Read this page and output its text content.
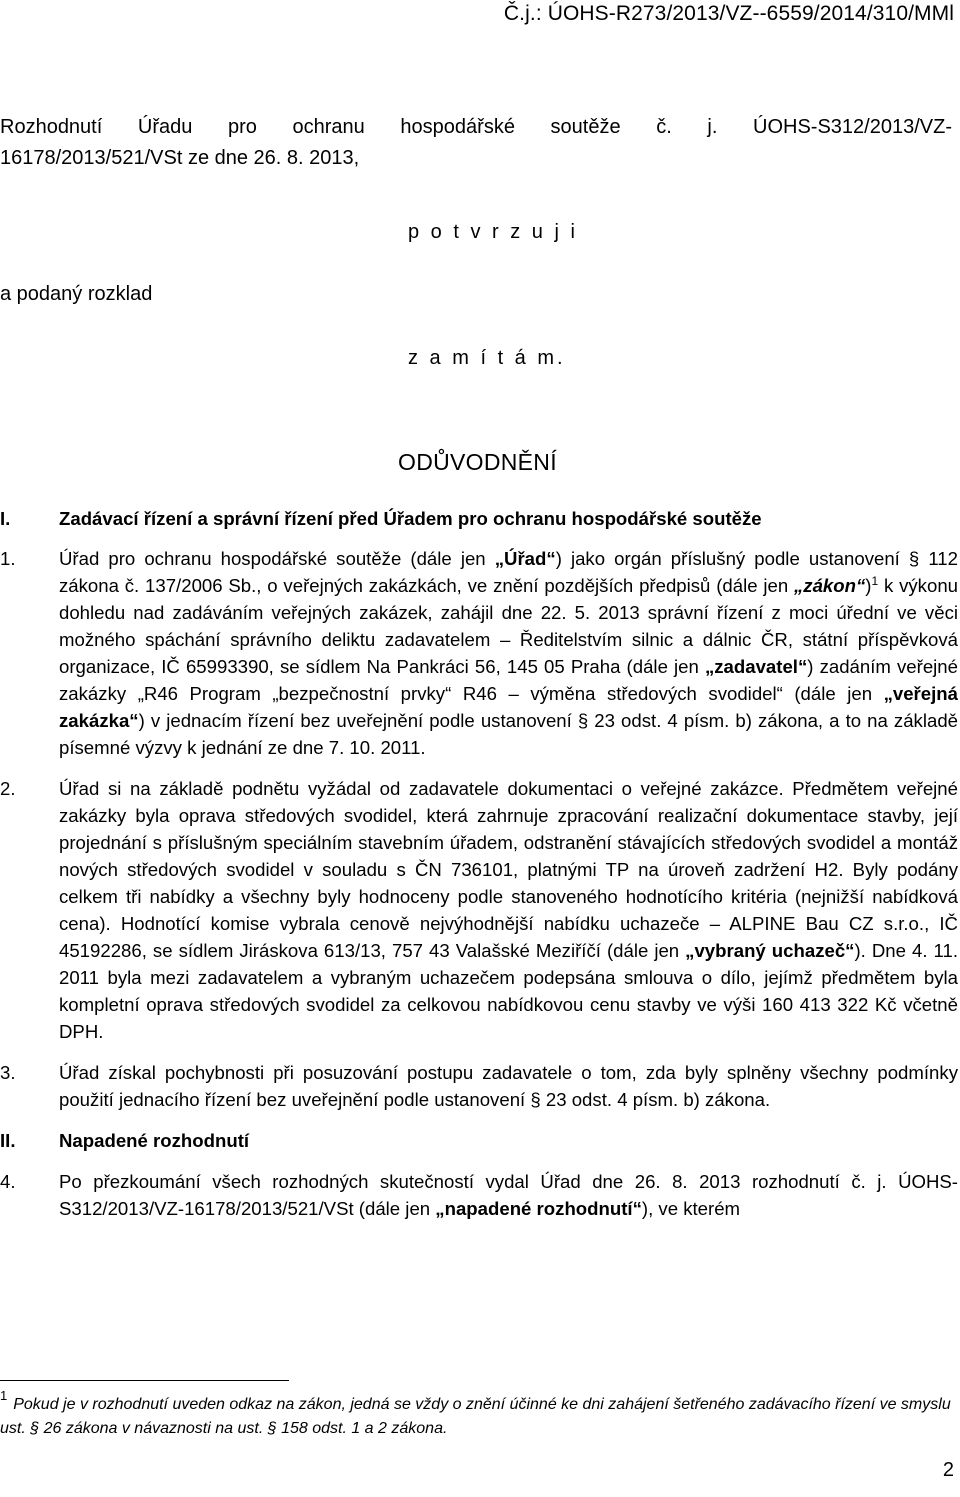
Č.j.: ÚOHS-R273/2013/VZ--6559/2014/310/MMl
Rozhodnutí Úřadu pro ochranu hospodářské soutěže č. j. ÚOHS-S312/2013/VZ-
16178/2013/521/VSt ze dne 26. 8. 2013,
p o t v r z u j i
a podaný rozklad
z a m í t á m.
ODŮVODNĚNÍ
I.	Zadávací řízení a správní řízení před Úřadem pro ochranu hospodářské soutěže
1.	Úřad pro ochranu hospodářské soutěže (dále jen „Úřad“) jako orgán příslušný podle ustanovení § 112 zákona č. 137/2006 Sb., o veřejných zakázkách, ve znění pozdějších předpisů (dále jen „zákon“)$^1$ k výkonu dohledu nad zadáváním veřejných zakázek, zahájil dne 22. 5. 2013 správní řízení z moci úřední ve věci možného spáchání správního deliktu zadavatelem – Ředitelstvím silnic a dálnic ČR, státní příspěvková organizace, IČ 65993390, se sídlem Na Pankráci 56, 145 05 Praha (dále jen „zadavatel“) zadáním veřejné zakázky „R46 Program „bezpečnostní prvky“ R46 – výměna středových svodidel“ (dále jen „veřejná zakázka“) v jednacím řízení bez uveřejnění podle ustanovení § 23 odst. 4 písm. b) zákona, a to na základě písemné výzvy k jednání ze dne 7. 10. 2011.
2.	Úřad si na základě podnětu vyžádal od zadavatele dokumentaci o veřejné zakázce. Předmětem veřejné zakázky byla oprava středových svodidel, která zahrnuje zpracování realizační dokumentace stavby, její projednání s příslušným speciálním stavebním úřadem, odstranění stávajících středových svodidel a montáž nových středových svodidel v souladu s ČN 736101, platnými TP na úroveň zadržení H2. Byly podány celkem tři nabídky a všechny byly hodnoceny podle stanoveného hodnotícího kritéria (nejnižší nabídková cena). Hodnotící komise vybrala cenově nejvýhodnější nabídku uchazeče – ALPINE Bau CZ s.r.o., IČ 45192286, se sídlem Jiráskova 613/13, 757 43 Valašské Meziříčí (dále jen „vybraný uchazeč“). Dne 4. 11. 2011 byla mezi zadavatelem a vybraným uchazečem podepsána smlouva o dílo, jejímž předmětem byla kompletní oprava středových svodidel za celkovou nabídkovou cenu stavby ve výši 160 413 322 Kč včetně DPH.
3.	Úřad získal pochybnosti při posuzování postupu zadavatele o tom, zda byly splněny všechny podmínky použití jednacího řízení bez uveřejnění podle ustanovení § 23 odst. 4 písm. b) zákona.
II.	Napadené rozhodnutí
4.	Po přezkoumání všech rozhodných skutečností vydal Úřad dne 26. 8. 2013 rozhodnutí č. j. ÚOHS-S312/2013/VZ-16178/2013/521/VSt (dále jen „napadené rozhodnutí“), ve kterém
$^1$Pokud je v rozhodnutí uveden odkaz na zákon, jedná se vždy o znění účinné ke dni zahájení šetřeného zadávacího řízení ve smyslu ust. § 26 zákona v návaznosti na ust. § 158 odst. 1 a 2 zákona.
2
